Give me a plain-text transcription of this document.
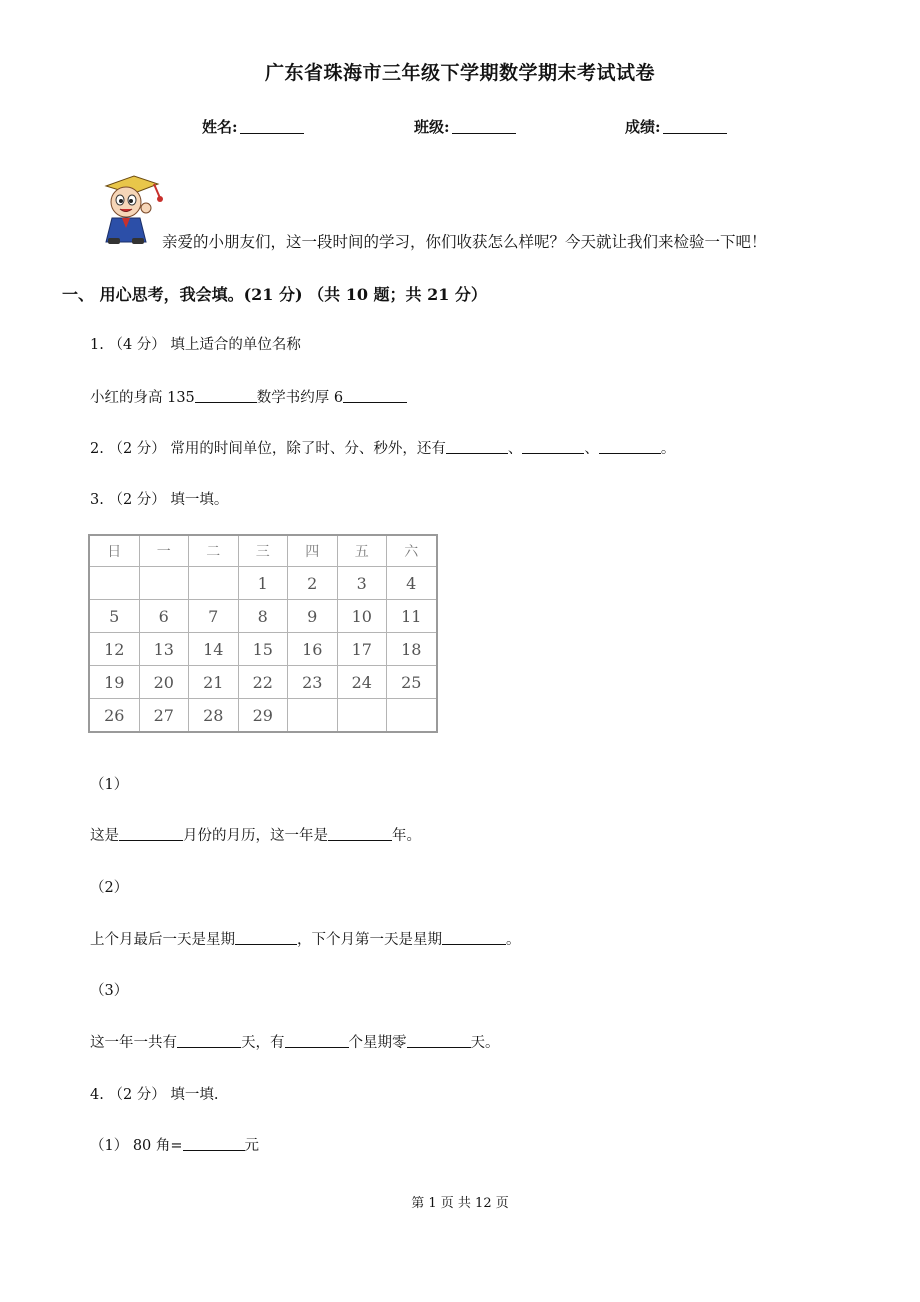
广东省珠海市三年级下学期数学期末考试试卷
姓名:	班级:	成绩:
亲爱的小朋友们，这一段时间的学习，你们收获怎么样呢？今天就让我们来检验一下吧！
一、 用心思考，我会填。(21 分) （共 10 题；共 21 分）
1. （4 分） 填上适合的单位名称
小红的身高 135	数学书约厚 6
2. （2 分） 常用的时间单位，除了时、分、秒外，还有	、	、	。
3. （2 分） 填一填。
日	一	二	三	四	五	六
			1	2	3	4
5	6	7	8	9	10	11
12	13	14	15	16	17	18
19	20	21	22	23	24	25
26	27	28	29			
（1）
这是	月份的月历，这一年是	年。
（2）
上个月最后一天是星期	，下个月第一天是星期	。
（3）
这一年一共有	天，有	个星期零	天。
4. （2 分） 填一填.
（1） 80 角=	元
第 1 页 共 12 页
